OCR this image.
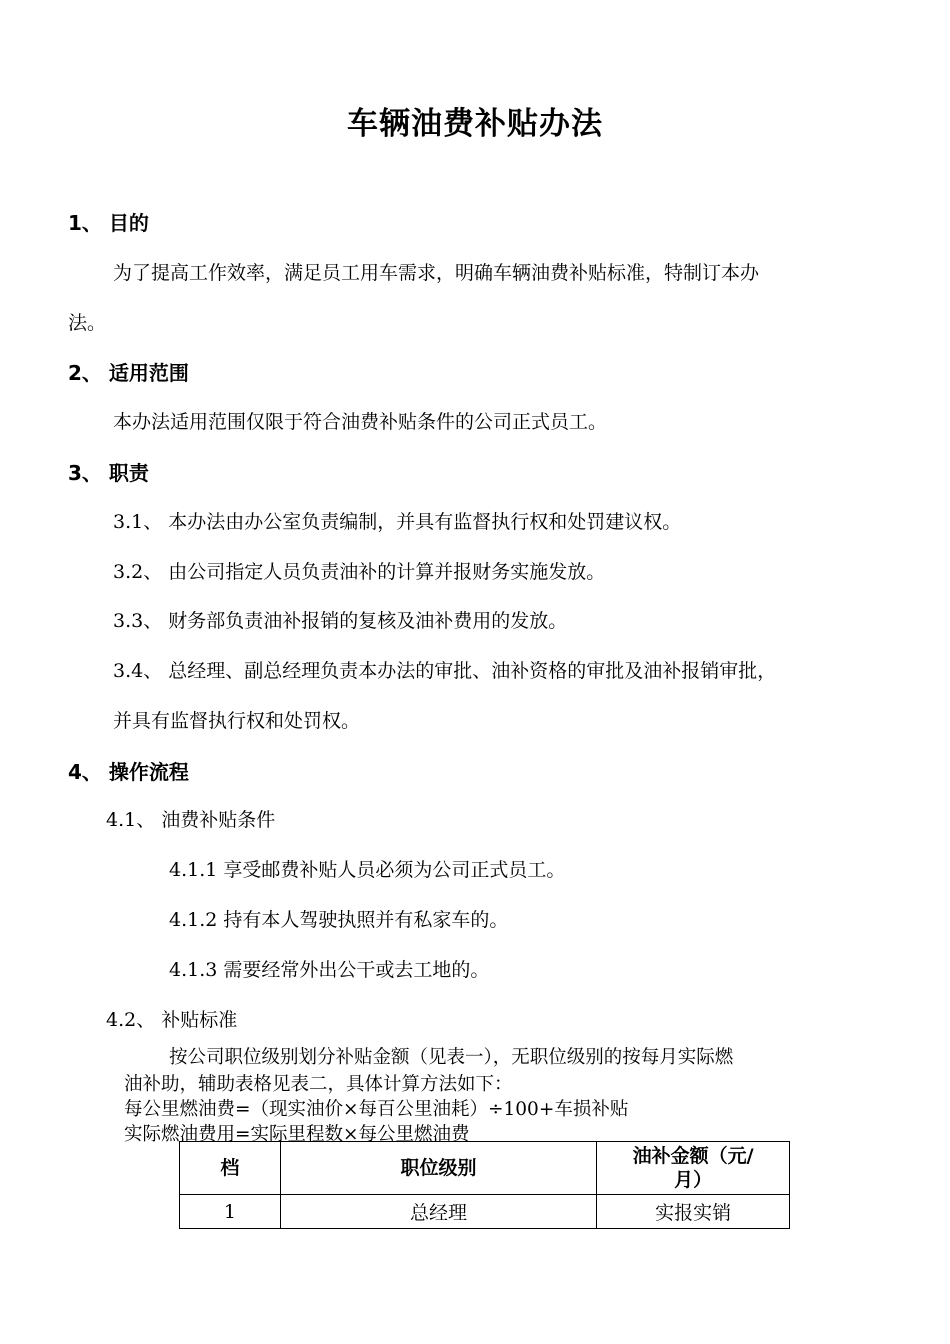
车辆油费补贴办法
1、 目的
为了提高工作效率，满足员工用车需求，明确车辆油费补贴标准，特制订本办
法。
2、 适用范围
本办法适用范围仅限于符合油费补贴条件的公司正式员工。
3、 职责
3.1、 本办法由办公室负责编制，并具有监督执行权和处罚建议权。
3.2、 由公司指定人员负责油补的计算并报财务实施发放。
3.3、 财务部负责油补报销的复核及油补费用的发放。
3.4、 总经理、副总经理负责本办法的审批、油补资格的审批及油补报销审批，
并具有监督执行权和处罚权。
4、 操作流程
4.1、 油费补贴条件
4.1.1 享受邮费补贴人员必须为公司正式员工。
4.1.2 持有本人驾驶执照并有私家车的。
4.1.3 需要经常外出公干或去工地的。
4.2、 补贴标准
按公司职位级别划分补贴金额（见表一），无职位级别的按每月实际燃
油补助，辅助表格见表二，具体计算方法如下：
每公里燃油费=（现实油价×每百公里油耗）÷100+车损补贴
实际燃油费用=实际里程数×每公里燃油费
档	职位级别	油补金额（元/
月）
1	总经理	实报实销
